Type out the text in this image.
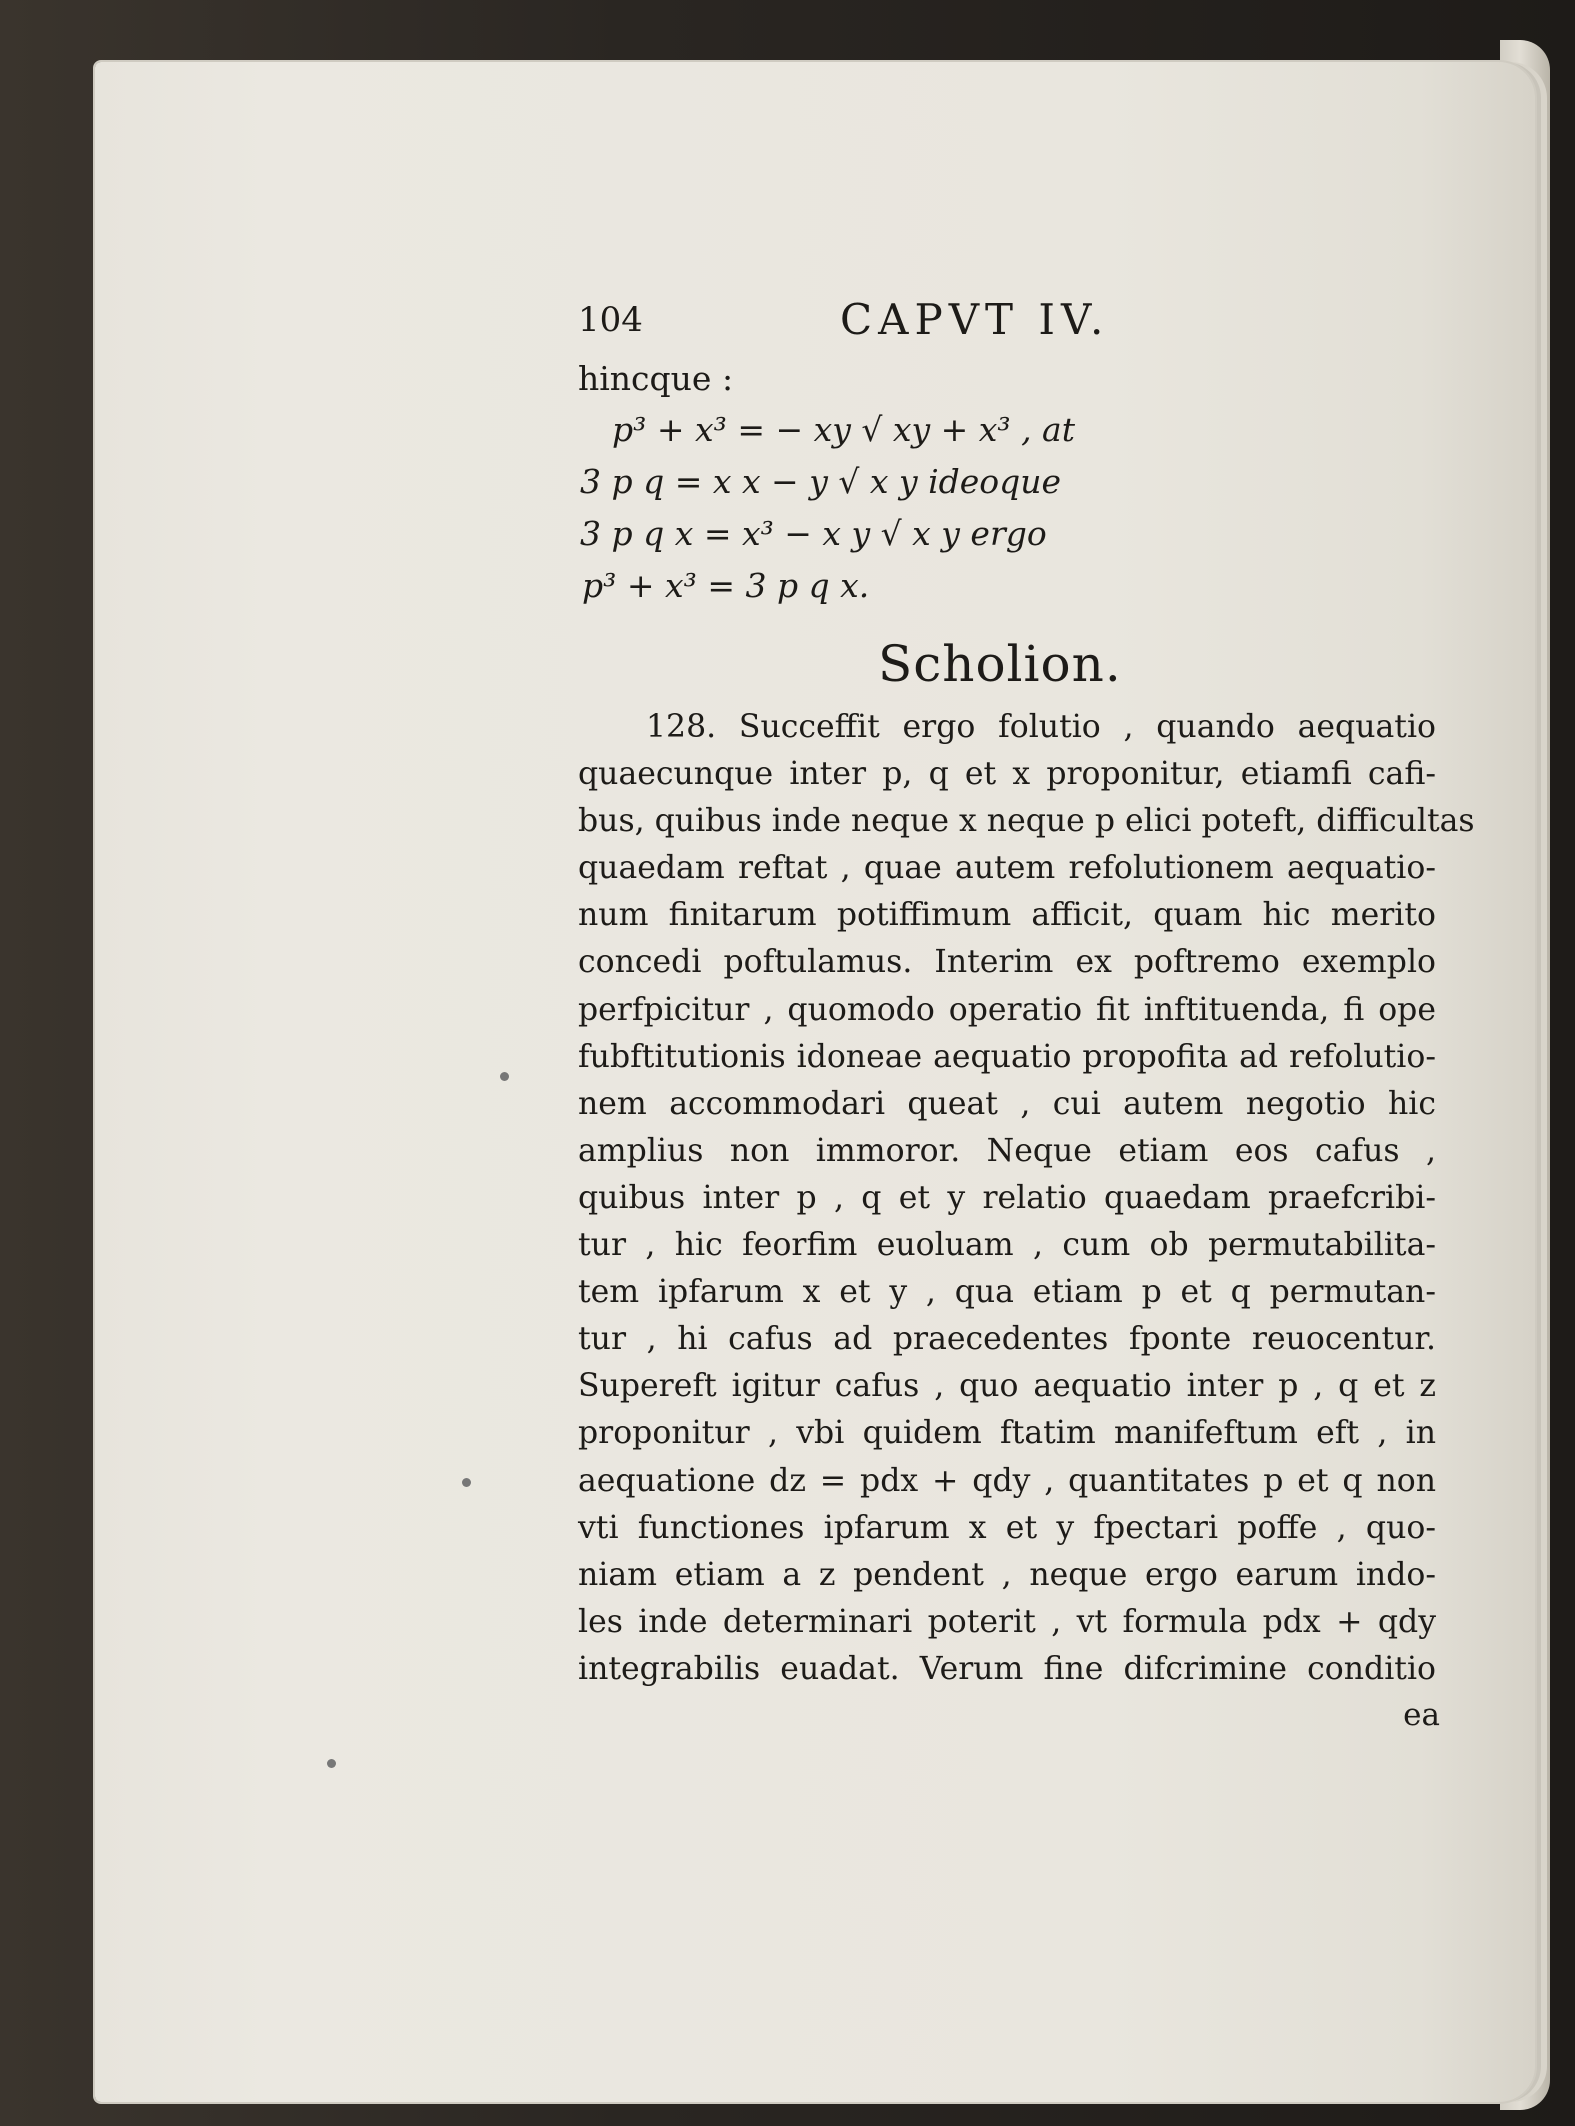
104	CAPVT IV.
hincque :
p³ + x³ = − xy √ xy + x³ , at
3 p q = x x − y √ x y ideoque
3 p q x = x³ − x y √ x y ergo
p³ + x³ = 3 p q x.
Scholion.
128. Succeffit ergo folutio , quando aequatio
quaecunque inter p, q et x proponitur, etiamfi cafi-
bus, quibus inde neque x neque p elici poteft, difficultas
quaedam reftat , quae autem refolutionem aequatio-
num finitarum potiffimum afficit, quam hic merito
concedi poftulamus. Interim ex poftremo exemplo
perfpicitur , quomodo operatio fit inftituenda, fi ope
fubftitutionis idoneae aequatio propofita ad refolutio-
nem accommodari queat , cui autem negotio hic
amplius non immoror. Neque etiam eos cafus ,
quibus inter p , q et y relatio quaedam praefcribi-
tur , hic feorfim euoluam , cum ob permutabilita-
tem ipfarum x et y , qua etiam p et q permutan-
tur , hi cafus ad praecedentes fponte reuocentur.
Supereft igitur cafus , quo aequatio inter p , q et z
proponitur , vbi quidem ftatim manifeftum eft , in
aequatione dz = pdx + qdy , quantitates p et q non
vti functiones ipfarum x et y fpectari poffe , quo-
niam etiam a z pendent , neque ergo earum indo-
les inde determinari poterit , vt formula pdx + qdy
integrabilis euadat. Verum fine difcrimine conditio
ea
